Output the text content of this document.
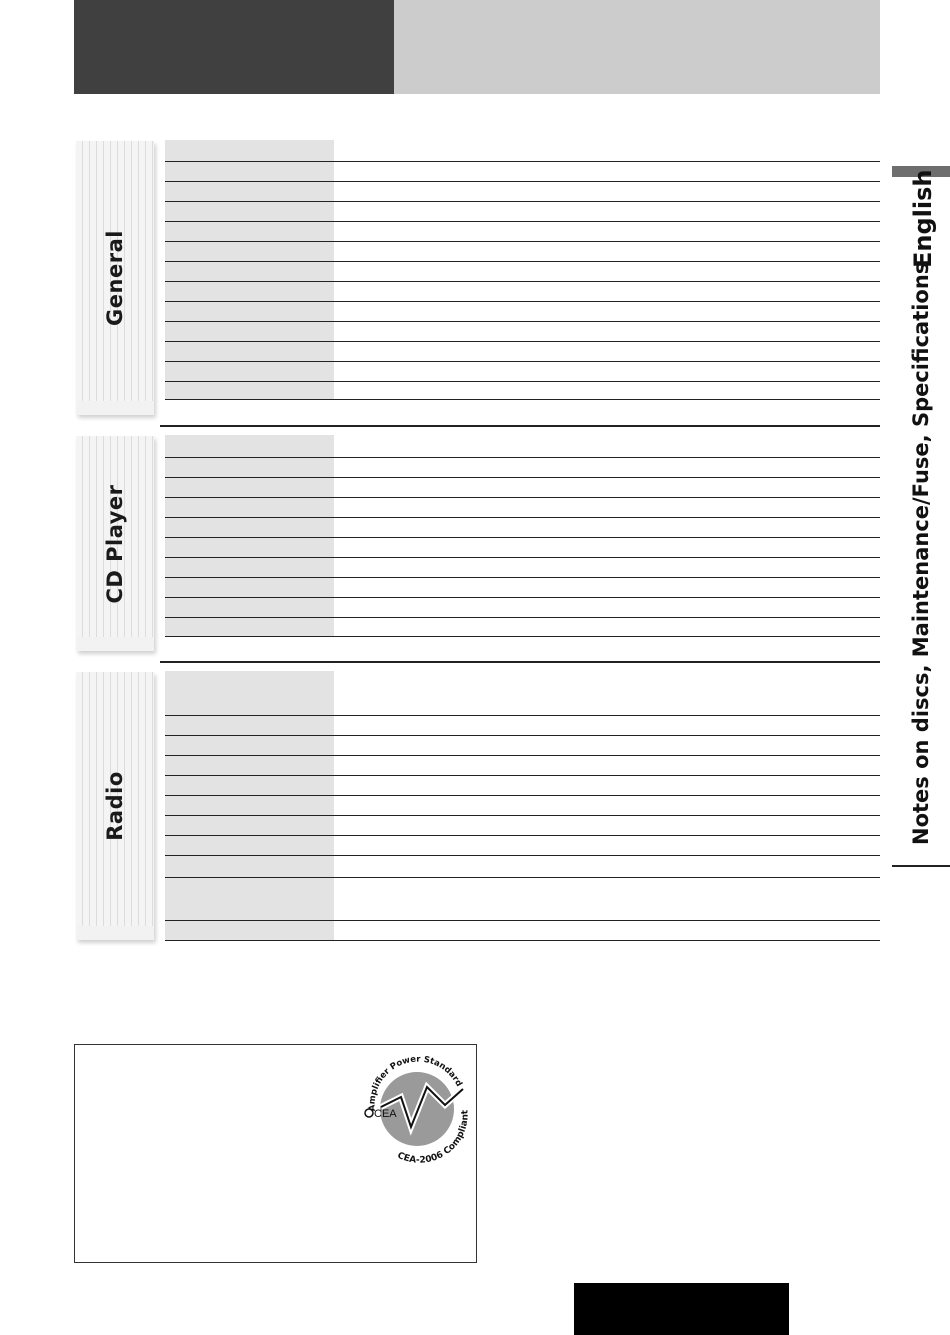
General
CD Player
Radio
English
Notes on discs, Maintenance/Fuse, Specifications
Amplifier Power Standard
CEA-2006 Compliant
CEA
